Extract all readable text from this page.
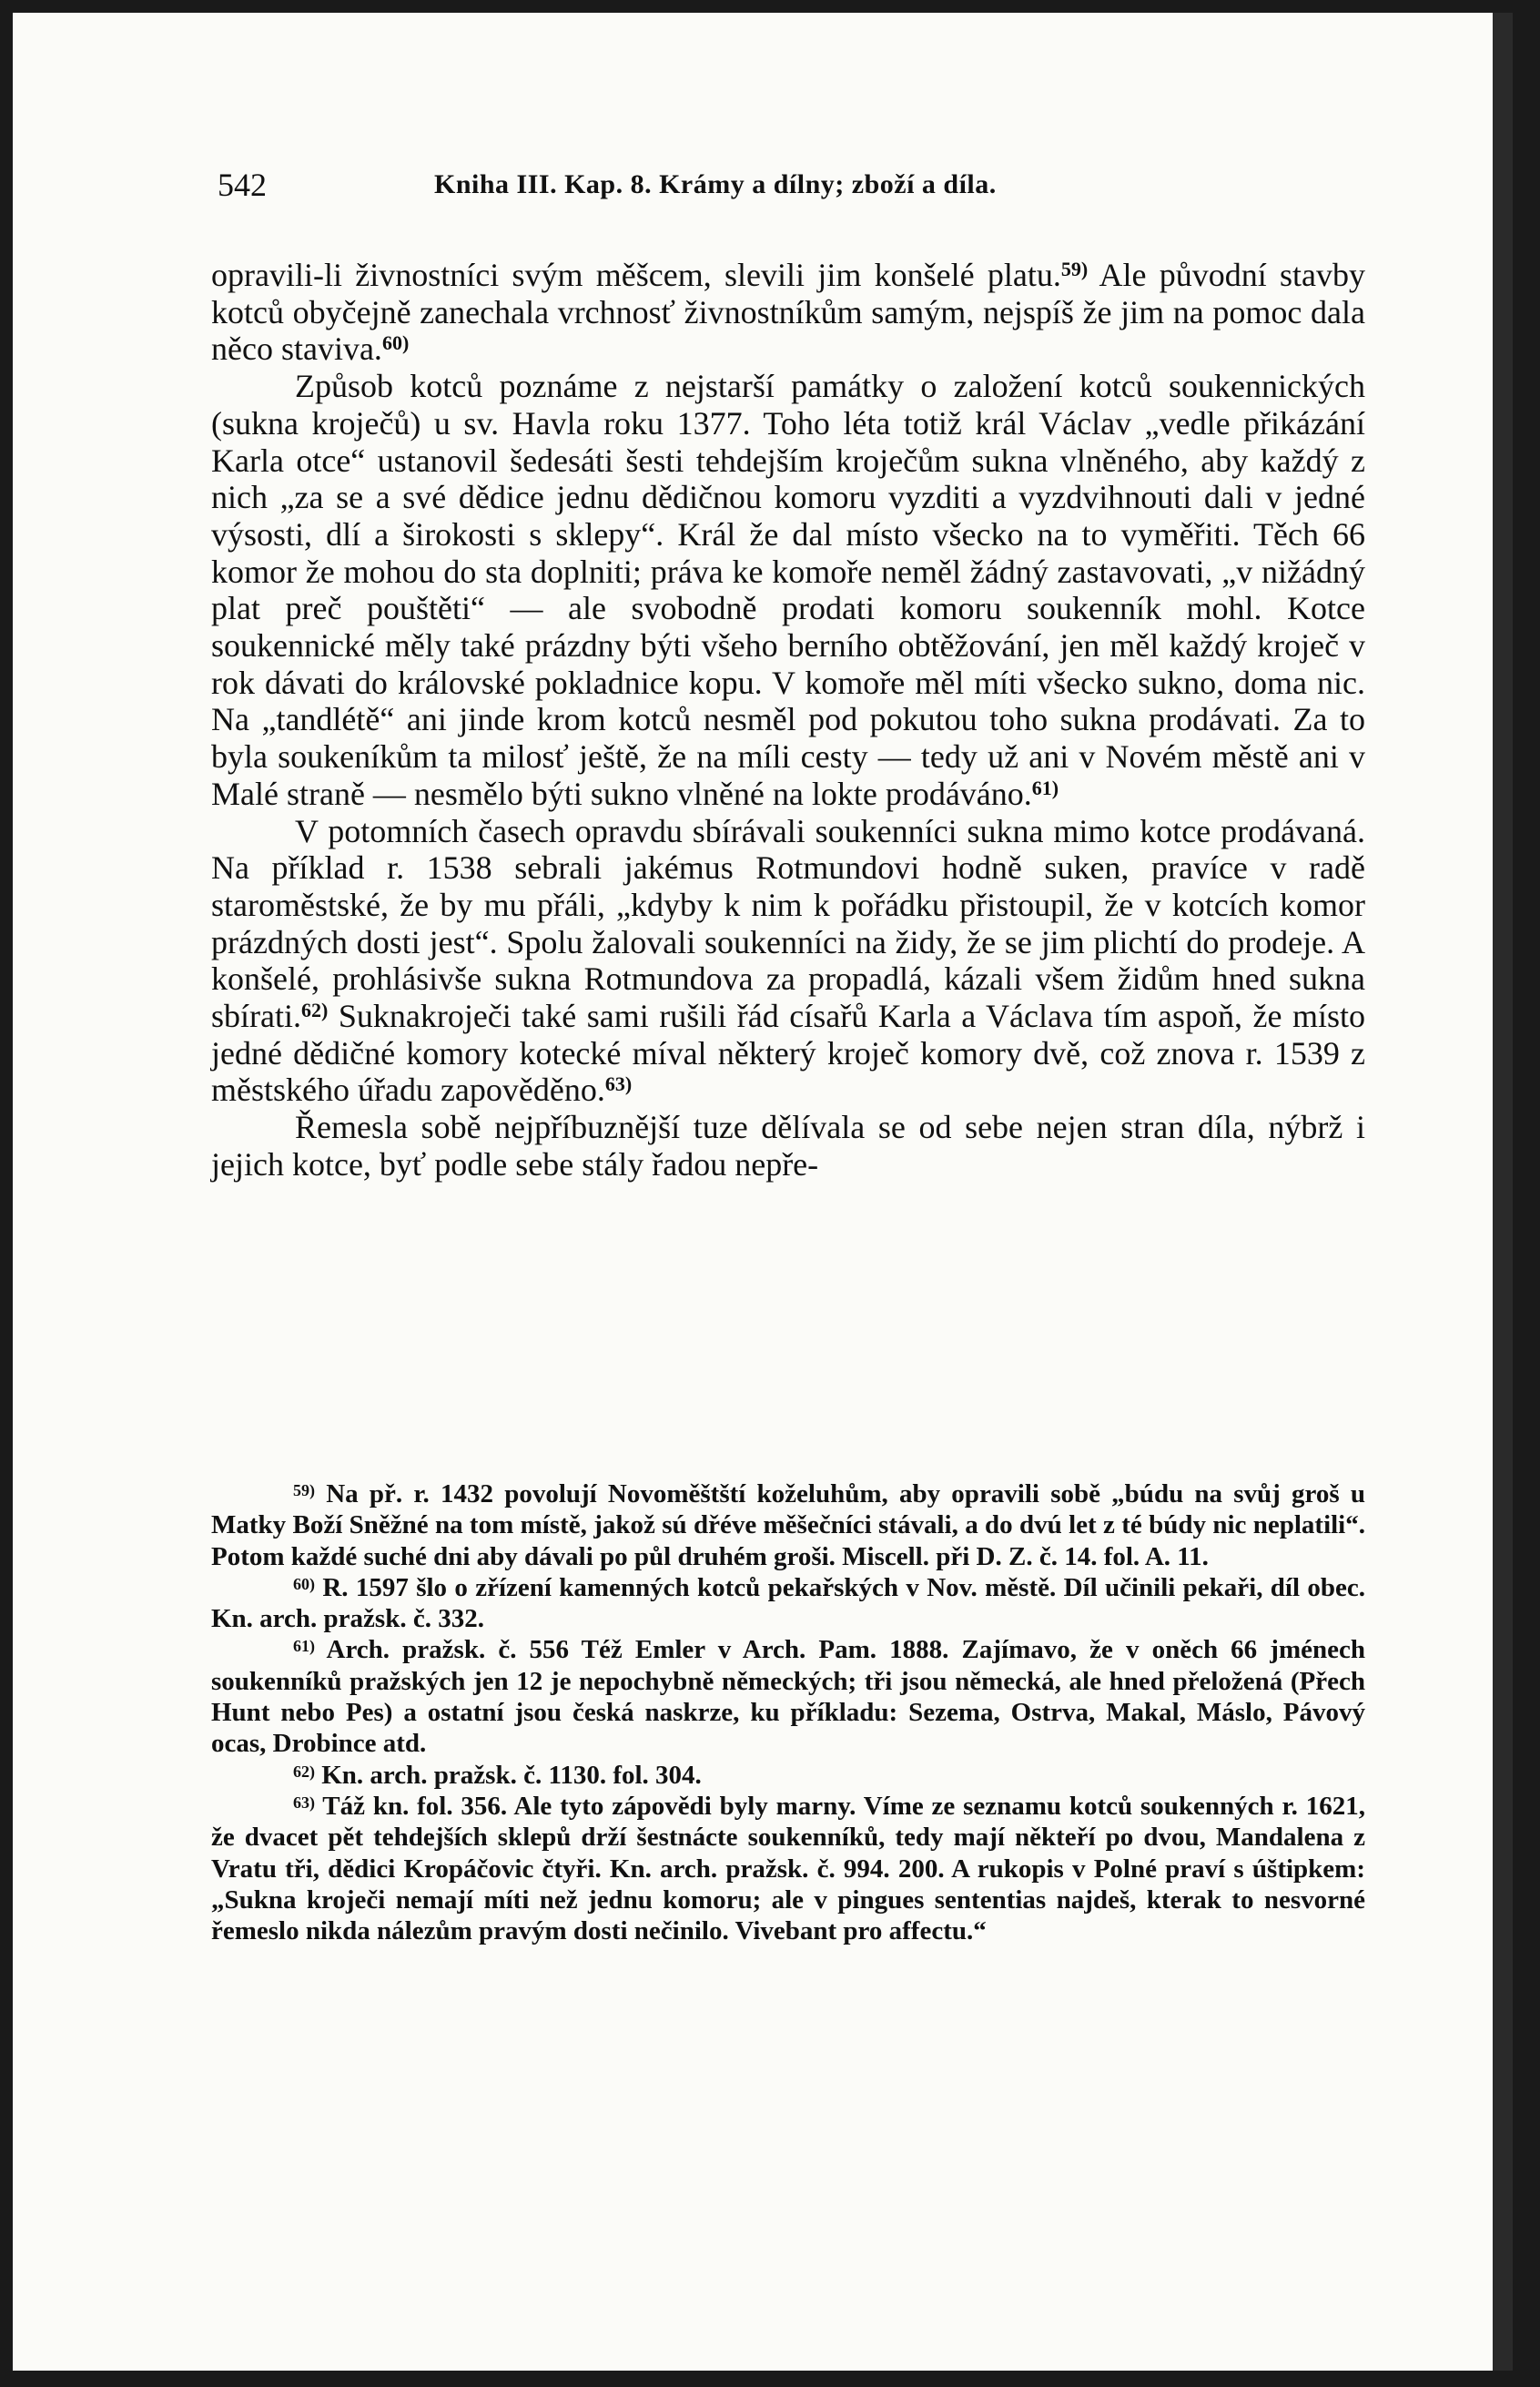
542	Kniha III. Kap. 8. Krámy a dílny; zboží a díla.

opravili-li živnostníci svým měšcem, slevili jim konšelé platu.$^{59)}$ Ale původní stavby kotců obyčejně zanechala vrchnosť živnostníkům samým, nejspíš že jim na pomoc dala něco staviva.$^{60)}$

Způsob kotců poznáme z nejstarší památky o založení kotců soukennických (sukna kroječů) u sv. Havla roku 1377. Toho léta totiž král Václav „vedle přikázání Karla otce“ ustanovil šedesáti šesti tehdejším kroječům sukna vlněného, aby každý z nich „za se a své dědice jednu dědičnou komoru vyzditi a vyzdvihnouti dali v jedné výsosti, dlí a širokosti s sklepy“. Král že dal místo všecko na to vyměřiti. Těch 66 komor že mohou do sta doplniti; práva ke komoře neměl žádný zastavovati, „v nižádný plat preč pouštěti“ — ale svobodně prodati komoru soukenník mohl. Kotce soukennické měly také prázdny býti všeho berního obtěžování, jen měl každý kroječ v rok dávati do královské pokladnice kopu. V komoře měl míti všecko sukno, doma nic. Na „tandlétě“ ani jinde krom kotců nesměl pod pokutou toho sukna prodávati. Za to byla soukeníkům ta milosť ještě, že na míli cesty — tedy už ani v Novém městě ani v Malé straně — nesmělo býti sukno vlněné na lokte prodáváno.$^{61)}$

V potomních časech opravdu sbírávali soukenníci sukna mimo kotce prodávaná. Na příklad r. 1538 sebrali jakémus Rotmundovi hodně suken, pravíce v radě staroměstské, že by mu přáli, „kdyby k nim k pořádku přistoupil, že v kotcích komor prázdných dosti jest“. Spolu žalovali soukenníci na židy, že se jim plichtí do prodeje. A konšelé, prohlásivše sukna Rotmundova za propadlá, kázali všem židům hned sukna sbírati.$^{62)}$ Suknakroječi také sami rušili řád císařů Karla a Václava tím aspoň, že místo jedné dědičné komory kotecké míval některý kroječ komory dvě, což znova r. 1539 z městského úřadu zapověděno.$^{63)}$

Řemesla sobě nejpříbuznější tuze dělívala se od sebe nejen stran díla, nýbrž i jejich kotce, byť podle sebe stály řadou nepře-

$^{59)}$ Na př. r. 1432 povolují Novoměštští koželuhům, aby opravili sobě „búdu na svůj groš u Matky Boží Sněžné na tom místě, jakož sú dřéve měšečníci stávali, a do dvú let z té búdy nic neplatili“. Potom každé suché dni aby dávali po půl druhém groši. Miscell. při D. Z. č. 14. fol. A. 11.

$^{60)}$ R. 1597 šlo o zřízení kamenných kotců pekařských v Nov. městě. Díl učinili pekaři, díl obec. Kn. arch. pražsk. č. 332.

$^{61)}$ Arch. pražsk. č. 556 Též Emler v Arch. Pam. 1888. Zajímavo, že v oněch 66 jménech soukenníků pražských jen 12 je nepochybně německých; tři jsou německá, ale hned přeložená (Přech Hunt nebo Pes) a ostatní jsou česká naskrze, ku příkladu: Sezema, Ostrva, Makal, Máslo, Pávový ocas, Drobince atd.

$^{62)}$ Kn. arch. pražsk. č. 1130. fol. 304.

$^{63)}$ Táž kn. fol. 356. Ale tyto zápovědi byly marny. Víme ze seznamu kotců soukenných r. 1621, že dvacet pět tehdejších sklepů drží šestnácte soukenníků, tedy mají někteří po dvou, Mandalena z Vratu tři, dědici Kropáčovic čtyři. Kn. arch. pražsk. č. 994. 200. A rukopis v Polné praví s úštipkem: „Sukna kroječi nemají míti než jednu komoru; ale v pingues sententias najdeš, kterak to nesvorné řemeslo nikda nálezům pravým dosti nečinilo. Vivebant pro affectu.“
